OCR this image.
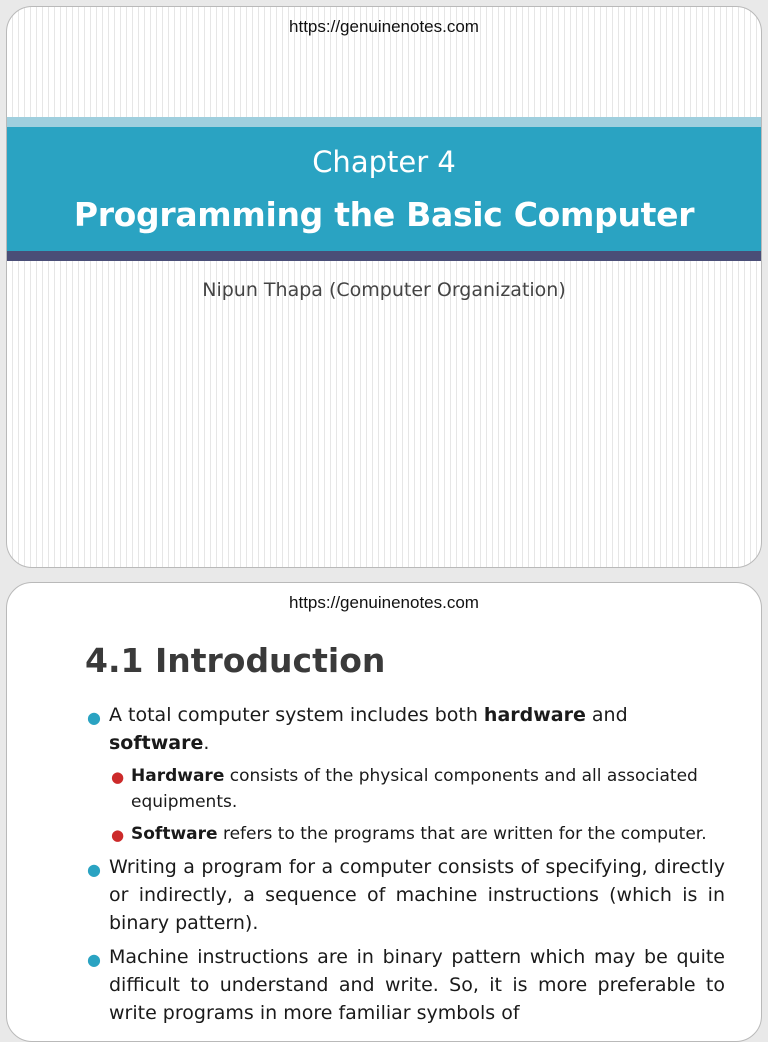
https://genuinenotes.com
Chapter 4
Programming the Basic Computer
Nipun Thapa (Computer Organization)
https://genuinenotes.com
4.1 Introduction
● A total computer system includes both hardware and software.
● Hardware consists of the physical components and all associated equipments.
● Software refers to the programs that are written for the computer.
● Writing a program for a computer consists of specifying, directly or indirectly, a sequence of machine instructions (which is in binary pattern).
● Machine instructions are in binary pattern which may be quite difficult to understand and write. So, it is more preferable to write programs in more familiar symbols of
